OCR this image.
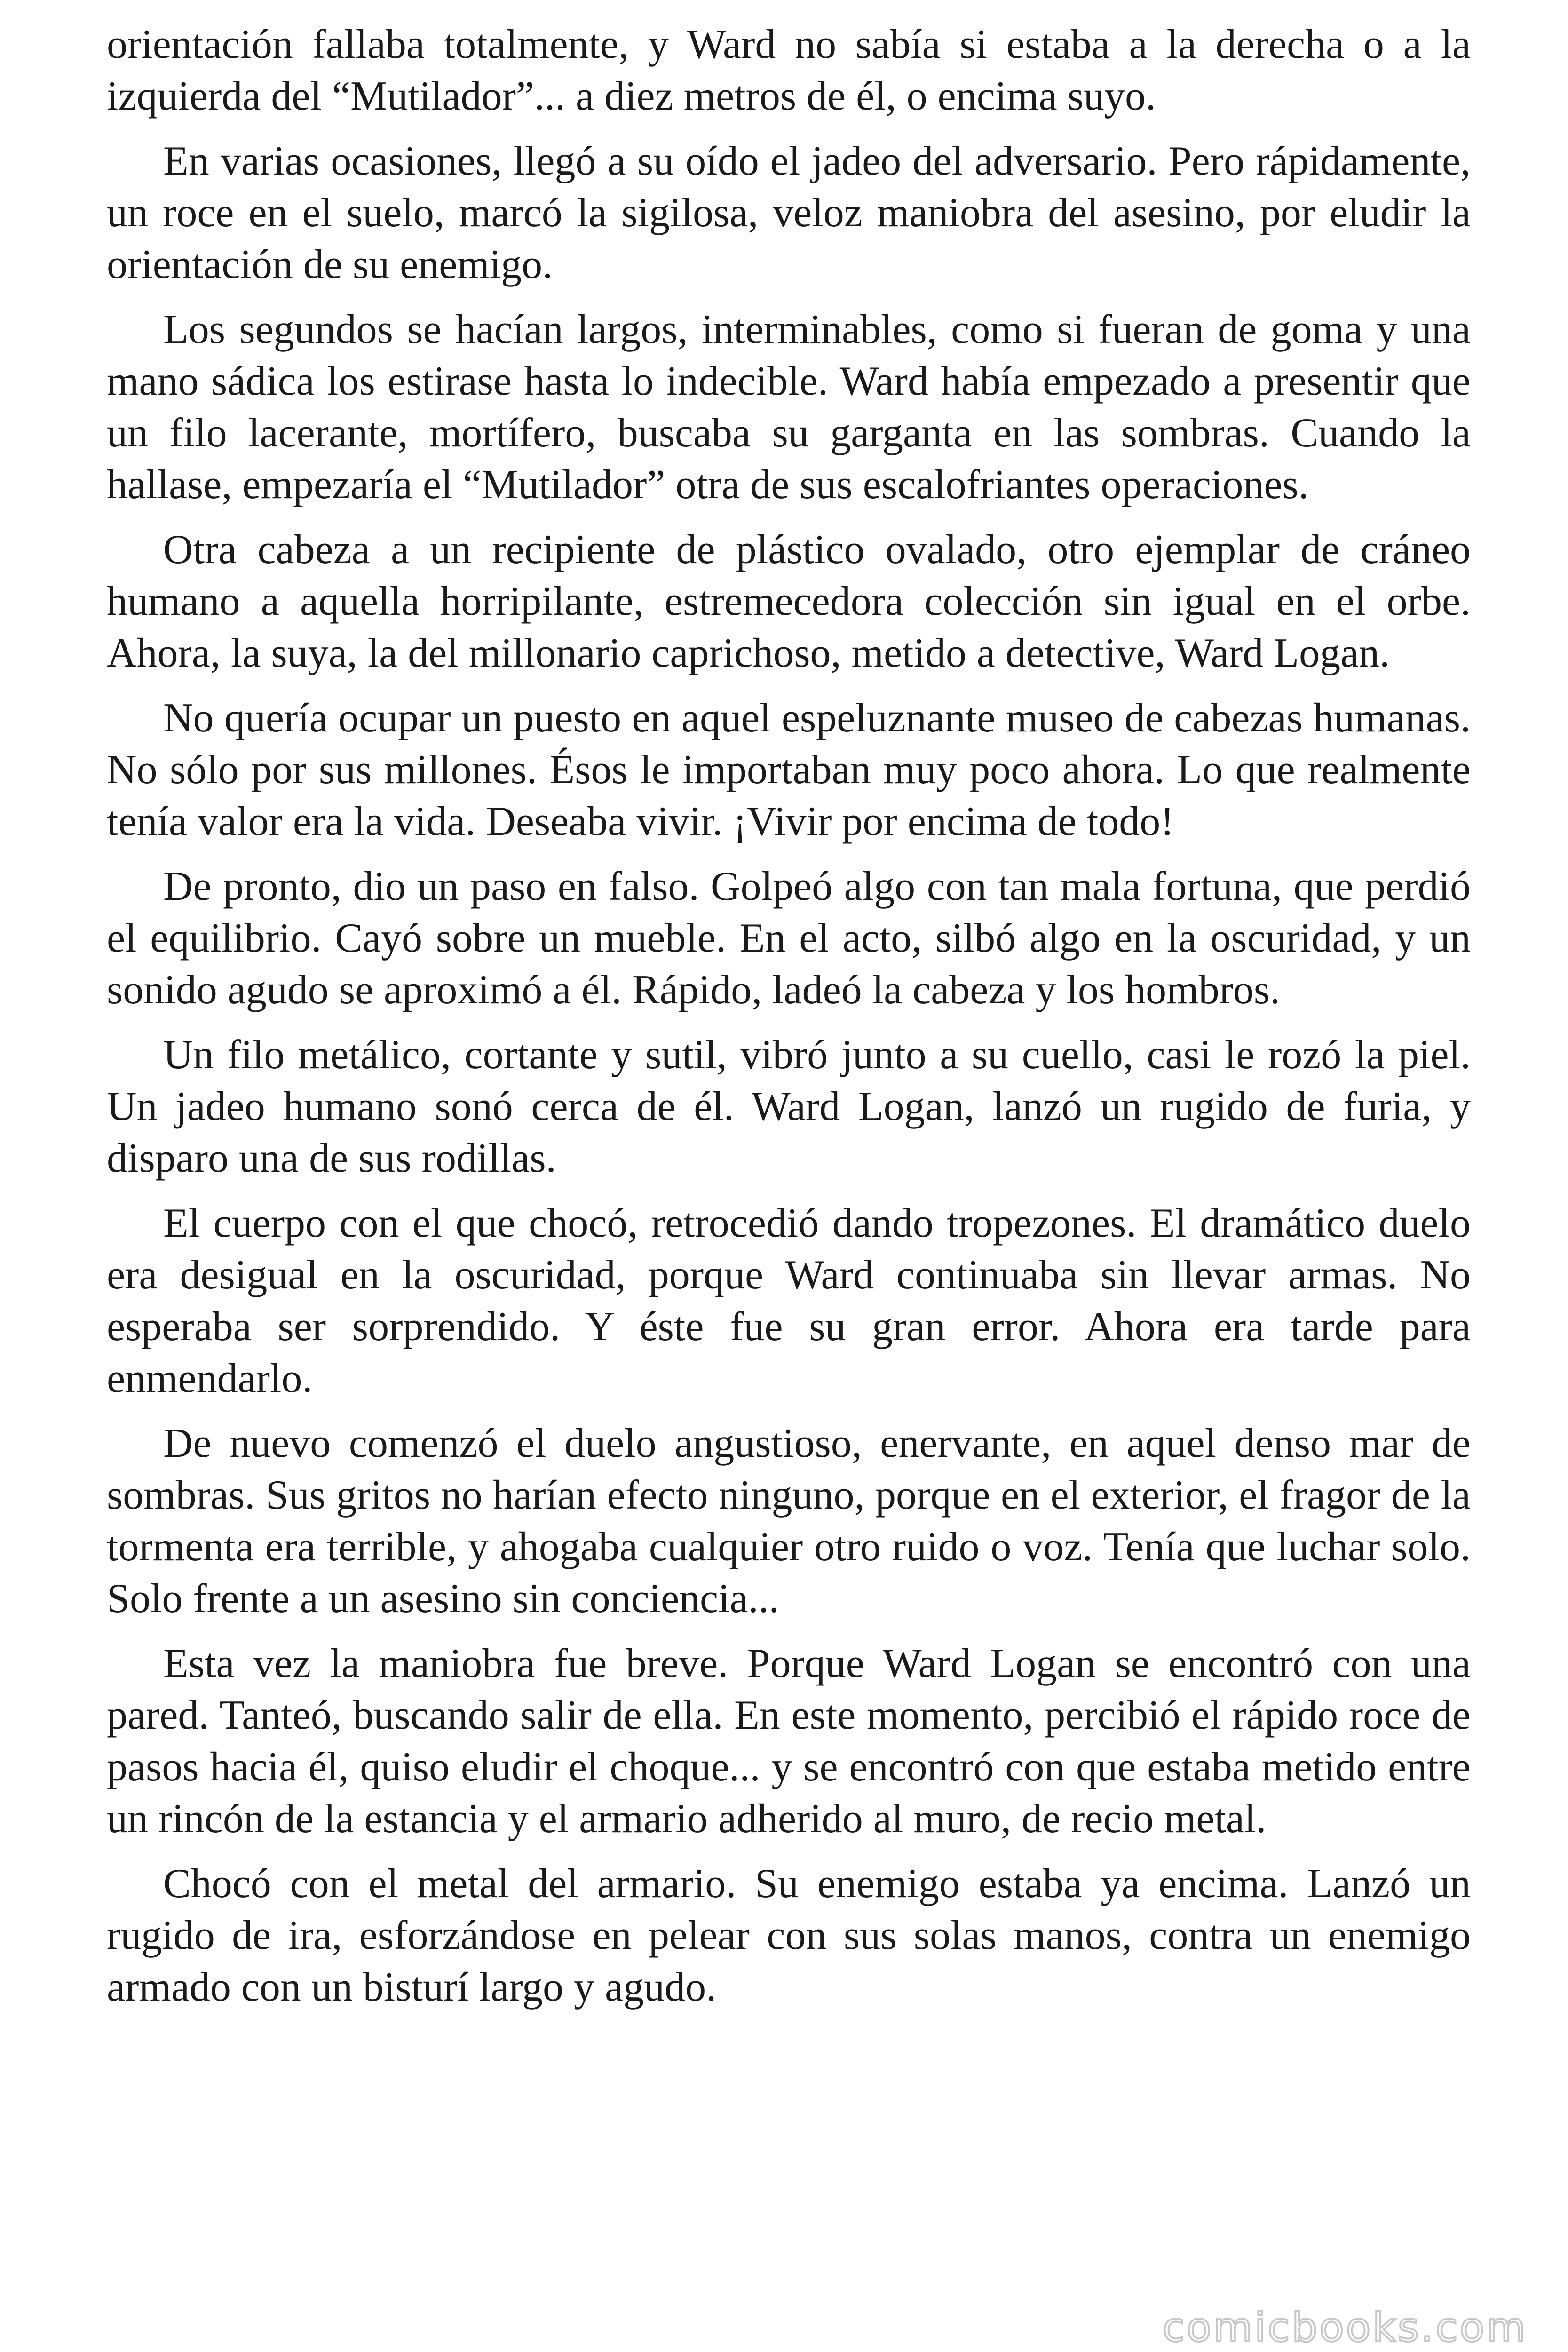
orientación fallaba totalmente, y Ward no sabía si estaba a la derecha o a la izquierda del “Mutilador”... a diez metros de él, o encima suyo.

En varias ocasiones, llegó a su oído el jadeo del adversario. Pero rápidamente, un roce en el suelo, marcó la sigilosa, veloz maniobra del asesino, por eludir la orientación de su enemigo.

Los segundos se hacían largos, interminables, como si fueran de goma y una mano sádica los estirase hasta lo indecible. Ward había empezado a presentir que un filo lacerante, mortífero, buscaba su garganta en las sombras. Cuando la hallase, empezaría el “Mutilador” otra de sus escalofriantes operaciones.

Otra cabeza a un recipiente de plástico ovalado, otro ejemplar de cráneo humano a aquella horripilante, estremecedora colección sin igual en el orbe. Ahora, la suya, la del millonario caprichoso, metido a detective, Ward Logan.

No quería ocupar un puesto en aquel espeluznante museo de cabezas humanas. No sólo por sus millones. Ésos le importaban muy poco ahora. Lo que realmente tenía valor era la vida. Deseaba vivir. ¡Vivir por encima de todo!

De pronto, dio un paso en falso. Golpeó algo con tan mala fortuna, que perdió el equilibrio. Cayó sobre un mueble. En el acto, silbó algo en la oscuridad, y un sonido agudo se aproximó a él. Rápido, ladeó la cabeza y los hombros.

Un filo metálico, cortante y sutil, vibró junto a su cuello, casi le rozó la piel. Un jadeo humano sonó cerca de él. Ward Logan, lanzó un rugido de furia, y disparo una de sus rodillas.

El cuerpo con el que chocó, retrocedió dando tropezones. El dramático duelo era desigual en la oscuridad, porque Ward continuaba sin llevar armas. No esperaba ser sorprendido. Y éste fue su gran error. Ahora era tarde para enmendarlo.

De nuevo comenzó el duelo angustioso, enervante, en aquel denso mar de sombras. Sus gritos no harían efecto ninguno, porque en el exterior, el fragor de la tormenta era terrible, y ahogaba cualquier otro ruido o voz. Tenía que luchar solo. Solo frente a un asesino sin conciencia...

Esta vez la maniobra fue breve. Porque Ward Logan se encontró con una pared. Tanteó, buscando salir de ella. En este momento, percibió el rápido roce de pasos hacia él, quiso eludir el choque... y se encontró con que estaba metido entre un rincón de la estancia y el armario adherido al muro, de recio metal.

Chocó con el metal del armario. Su enemigo estaba ya encima. Lanzó un rugido de ira, esforzándose en pelear con sus solas manos, contra un enemigo armado con un bisturí largo y agudo.

comicbooks.com
